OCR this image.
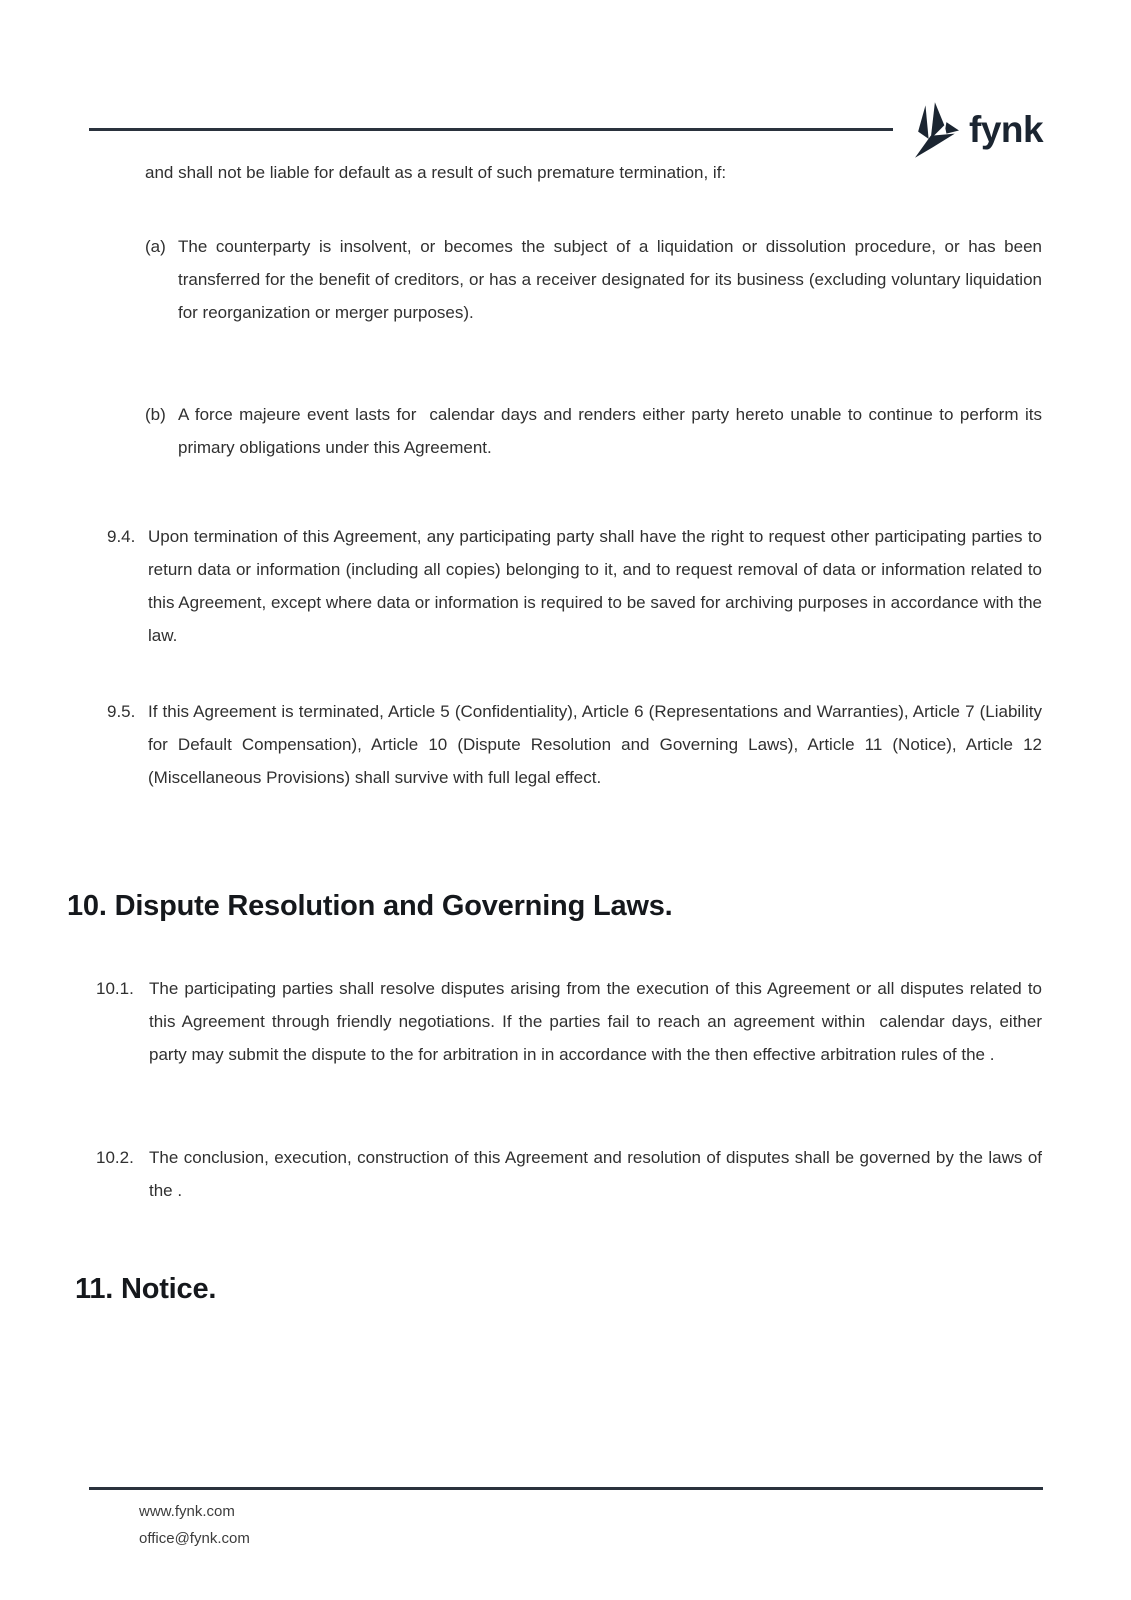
fynk

and shall not be liable for default as a result of such premature termination, if:

(a) The counterparty is insolvent, or becomes the subject of a liquidation or dissolution procedure, or has been transferred for the benefit of creditors, or has a receiver designated for its business (excluding voluntary liquidation for reorganization or merger purposes).

(b) A force majeure event lasts for  calendar days and renders either party hereto unable to continue to perform its primary obligations under this Agreement.

9.4. Upon termination of this Agreement, any participating party shall have the right to request other participating parties to return data or information (including all copies) belonging to it, and to request removal of data or information related to this Agreement, except where data or information is required to be saved for archiving purposes in accordance with the law.

9.5. If this Agreement is terminated, Article 5 (Confidentiality), Article 6 (Representations and Warranties), Article 7 (Liability for Default Compensation), Article 10 (Dispute Resolution and Governing Laws), Article 11 (Notice), Article 12 (Miscellaneous Provisions) shall survive with full legal effect.

10. Dispute Resolution and Governing Laws.
10.1. The participating parties shall resolve disputes arising from the execution of this Agreement or all disputes related to this Agreement through friendly negotiations. If the parties fail to reach an agreement within  calendar days, either party may submit the dispute to the for arbitration in in accordance with the then effective arbitration rules of the .

10.2. The conclusion, execution, construction of this Agreement and resolution of disputes shall be governed by the laws of the .

11. Notice.

www.fynk.com

office@fynk.com
